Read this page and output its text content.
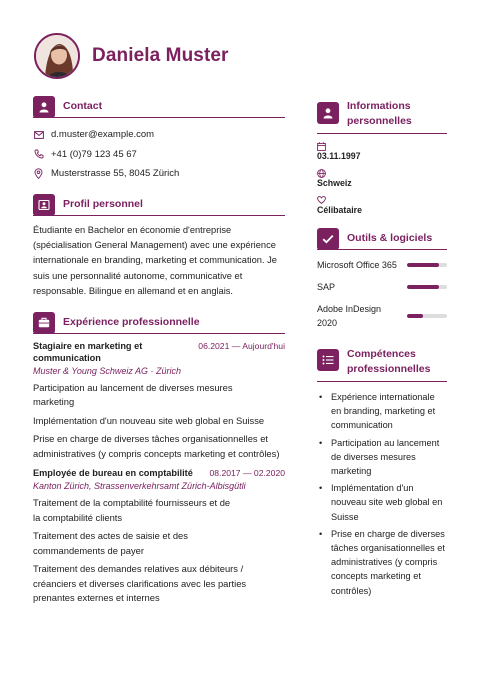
Daniela Muster
Contact
d.muster@example.com
+41 (0)79 123 45 67
Musterstrasse 55, 8045 Zürich
Profil personnel

Étudiante en Bachelor en économie d'entreprise (spécialisation General Management) avec une expérience internationale en branding, marketing et communication. Je suis une personnalité autonome, communicative et responsable. Bilingue en allemand et en anglais.

Expérience professionnelle
Stagiaire en marketing et communication
06.2021 — Aujourd'hui
Muster & Young Schweiz AG · Zürich
Participation au lancement de diverses mesures marketing
Implémentation d'un nouveau site web global en Suisse
Prise en charge de diverses tâches organisationnelles et administratives (y compris concepts marketing et contrôles)
Employée de bureau en comptabilité	08.2017 — 02.2020
Kanton Zürich, Strassenverkehrsamt Zürich-Albisgütli
Traitement de la comptabilité fournisseurs et de la comptabilité clients
Traitement des actes de saisie et des commandements de payer
Traitement des demandes relatives aux débiteurs / créanciers et diverses clarifications avec les parties prenantes externes et internes
Informations personnelles
03.11.1997
Schweiz
Célibataire
Outils & logiciels
Microsoft Office 365
SAP
Adobe InDesign 2020
Compétences professionnelles
• Expérience internationale en branding, marketing et communication
• Participation au lancement de diverses mesures marketing
• Implémentation d'un nouveau site web global en Suisse
• Prise en charge de diverses tâches organisationnelles et administratives (y compris concepts marketing et contrôles)
